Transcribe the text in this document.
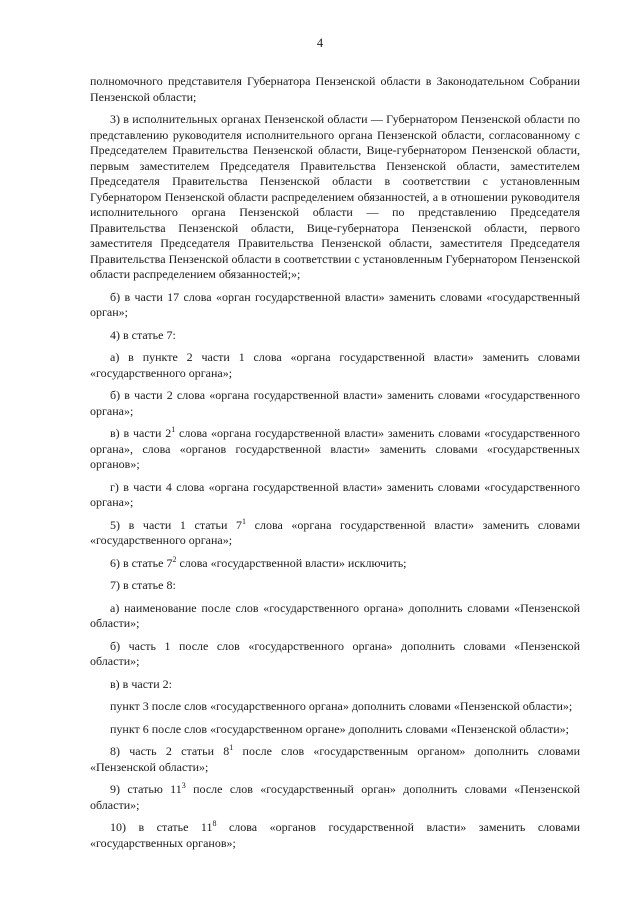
4

полномочного представителя Губернатора Пензенской области в Законодательном Собрании Пензенской области;

3) в исполнительных органах Пензенской области — Губернатором Пензенской области по представлению руководителя исполнительного органа Пензенской области, согласованному с Председателем Правительства Пензенской области, Вице-губернатором Пензенской области, первым заместителем Председателя Правительства Пензенской области, заместителем Председателя Правительства Пензенской области в соответствии с установленным Губернатором Пензенской области распределением обязанностей, а в отношении руководителя исполнительного органа Пензенской области — по представлению Председателя Правительства Пензенской области, Вице-губернатора Пензенской области, первого заместителя Председателя Правительства Пензенской области, заместителя Председателя Правительства Пензенской области в соответствии с установленным Губернатором Пензенской области распределением обязанностей;»;

б) в части 17 слова «орган государственной власти» заменить словами «государственный орган»;

4) в статье 7:

а) в пункте 2 части 1 слова «органа государственной власти» заменить словами «государственного органа»;

б) в части 2 слова «органа государственной власти» заменить словами «государственного органа»;

в) в части $2^1$ слова «органа государственной власти» заменить словами «государственного органа», слова «органов государственной власти» заменить словами «государственных органов»;

г) в части 4 слова «органа государственной власти» заменить словами «государственного органа»;

5) в части 1 статьи $7^1$ слова «органа государственной власти» заменить словами «государственного органа»;

6) в статье $7^2$ слова «государственной власти» исключить;

7) в статье 8:

а) наименование после слов «государственного органа» дополнить словами «Пензенской области»;

б) часть 1 после слов «государственного органа» дополнить словами «Пензенской области»;

в) в части 2:

пункт 3 после слов «государственного органа» дополнить словами «Пензенской области»;

пункт 6 после слов «государственном органе» дополнить словами «Пензенской области»;

8) часть 2 статьи $8^1$ после слов «государственным органом» дополнить словами «Пензенской области»;

9) статью $11^3$ после слов «государственный орган» дополнить словами «Пензенской области»;

10) в статье $11^8$ слова «органов государственной власти» заменить словами «государственных органов»;
